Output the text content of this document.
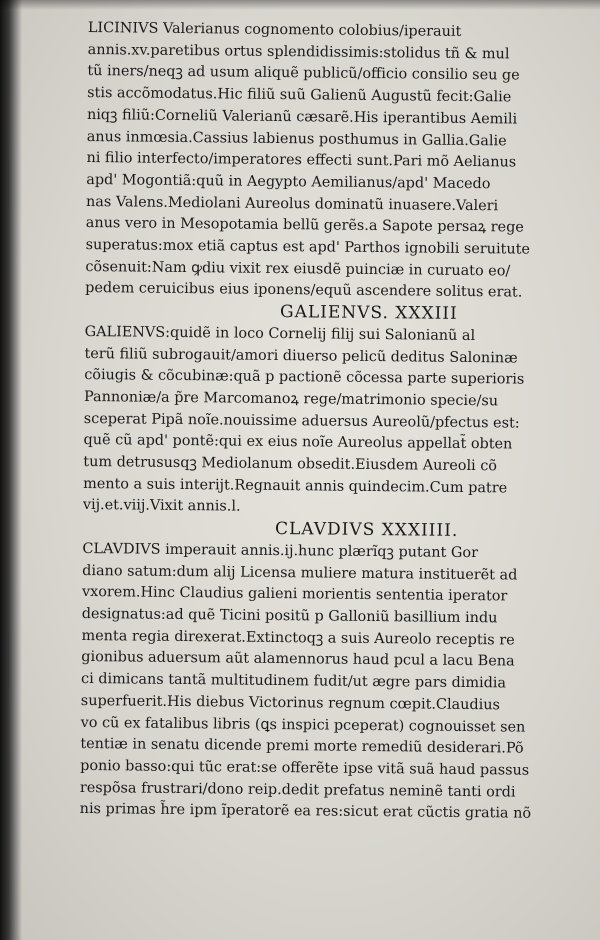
LICINIVS Valerianus cognomento colobius/iperauit
annis.xv.paretibus ortus splendidissimis:stolidus tñ & mul
tũ iners/neqꝫ ad usum aliquẽ publicũ/officio consilio seu ge
stis accõmodatus.Hic filiũ suũ Galienũ Augustũ fecit:Galie
niqꝫ filiũ:Corneliũ Valerianũ cæsarẽ.His iperantibus Aemili
anus inmœsia.Cassius labienus posthumus in Gallia.Galie
ni filio interfecto/imperatores effecti sunt.Pari mõ Aelianus
apd' Mogontiã:quũ in Aegypto Aemilianus/apd' Macedo
nas Valens.Mediolani Aureolus dominatũ inuasere.Valeri
anus vero in Mesopotamia bellũ gerẽs.a Sapote persaꝝ rege
superatus:mox etiã captus est apd' Parthos ignobili seruitute
cõsenuit:Nam ꝙdiu vixit rex eiusdẽ puinciæ in curuato eo/
pedem ceruicibus eius iponens/equũ ascendere solitus erat.
GALIENVS. XXXIII
GALIENVS:quidẽ in loco Cornelij filij sui Salonianũ al
terũ filiũ subrogauit/amori diuerso pelicũ deditus Saloninæ
cõiugis & cõcubinæ:quã p pactionẽ cõcessa parte superioris
Pannoniæ/a p̃re Marcomanoꝝ rege/matrimonio specie/su
sceperat Pipã noĩe.nouissime aduersus Aureolũ/pfectus est:
quẽ cũ apd' pontẽ:qui ex eius noĩe Aureolus appellat̃ obten
tum detrususqꝫ Mediolanum obsedit.Eiusdem Aureoli cõ
mento a suis interijt.Regnauit annis quindecim.Cum patre
vij.et.viij.Vixit annis.l.
CLAVDIVS XXXIIII.
CLAVDIVS imperauit annis.ij.hunc plærĩqꝫ putant Gor
diano satum:dum alij Licensa muliere matura instituerẽt ad
vxorem.Hinc Claudius galieni morientis sententia iperator
designatus:ad quẽ Ticini positũ p Galloniũ basillium indu
menta regia direxerat.Extinctoqꝫ a suis Aureolo receptis re
gionibus aduersum aũt alamennorus haud pcul a lacu Bena
ci dimicans tantã multitudinem fudit/ut ægre pars dimidia
superfuerit.His diebus Victorinus regnum cœpit.Claudius
vo cũ ex fatalibus libris (ꝗs inspici pceperat) cognouisset sen
tentiæ in senatu dicende premi morte remediũ desiderari.Põ
ponio basso:qui tũc erat:se offerẽte ipse vitã suã haud passus
respõsa frustrari/dono reip.dedit prefatus neminẽ tanti ordi
nis primas h̃re ipm ĩperatorẽ ea res:sicut erat cũctis gratia nõ
